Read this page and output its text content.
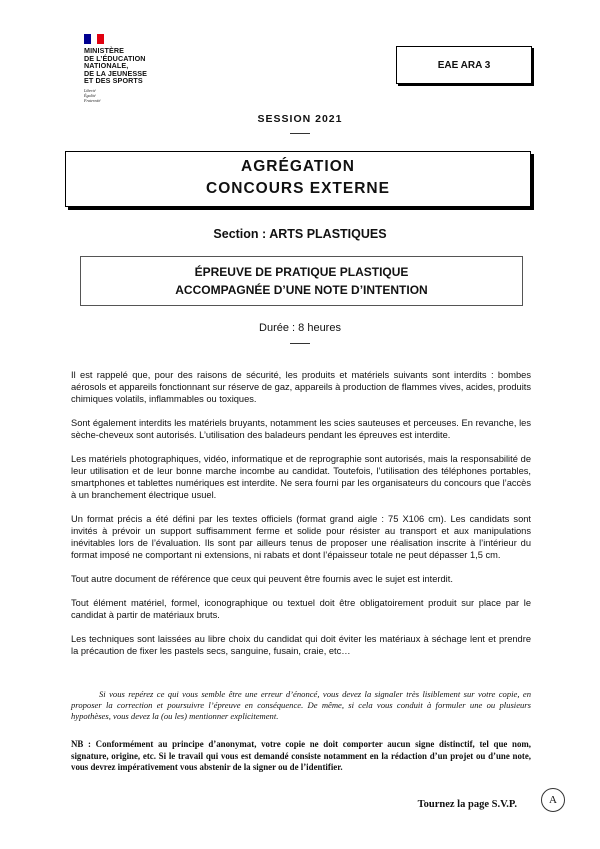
MINISTÈRE
DE L’ÉDUCATION
NATIONALE,
DE LA JEUNESSE
ET DES SPORTS
Liberté
Égalité
Fraternité
EAE ARA 3
SESSION 2021
AGRÉGATION
CONCOURS EXTERNE
Section : ARTS PLASTIQUES
ÉPREUVE DE PRATIQUE PLASTIQUE
ACCOMPAGNÉE D’UNE NOTE D’INTENTION
Durée : 8 heures

Il est rappelé que, pour des raisons de sécurité, les produits et matériels suivants sont interdits : bombes aérosols et appareils fonctionnant sur réserve de gaz, appareils à production de flammes vives, acides, produits chimiques volatils, inflammables ou toxiques.

Sont également interdits les matériels bruyants, notamment les scies sauteuses et perceuses. En revanche, les sèche-cheveux sont autorisés. L’utilisation des baladeurs pendant les épreuves est interdite.

Les matériels photographiques, vidéo, informatique et de reprographie sont autorisés, mais la responsabilité de leur utilisation et de leur bonne marche incombe au candidat. Toutefois, l’utilisation des téléphones portables, smartphones et tablettes numériques est interdite. Ne sera fourni par les organisateurs du concours que l’accès à un branchement électrique usuel.

Un format précis a été défini par les textes officiels (format grand aigle : 75 X106 cm). Les candidats sont invités à prévoir un support suffisamment ferme et solide pour résister au transport et aux manipulations inévitables lors de l’évaluation. Ils sont par ailleurs tenus de proposer une réalisation inscrite à l’intérieur du format imposé ne comportant ni extensions, ni rabats et dont l’épaisseur totale ne peut dépasser 1,5 cm.

Tout autre document de référence que ceux qui peuvent être fournis avec le sujet est interdit.

Tout élément matériel, formel, iconographique ou textuel doit être obligatoirement produit sur place par le candidat à partir de matériaux bruts.

Les techniques sont laissées au libre choix du candidat qui doit éviter les matériaux à séchage lent et prendre la précaution de fixer les pastels secs, sanguine, fusain, craie, etc…

Si vous repérez ce qui vous semble être une erreur d’énoncé, vous devez la signaler très lisiblement sur votre copie, en proposer la correction et poursuivre l’épreuve en conséquence. De même, si cela vous conduit à formuler une ou plusieurs hypothèses, vous devez la (ou les) mentionner explicitement.
NB : Conformément au principe d’anonymat, votre copie ne doit comporter aucun signe distinctif, tel que nom, signature, origine, etc. Si le travail qui vous est demandé consiste notamment en la rédaction d’un projet ou d’une note, vous devrez impérativement vous abstenir de la signer ou de l’identifier.
Tournez la page S.V.P.	A
